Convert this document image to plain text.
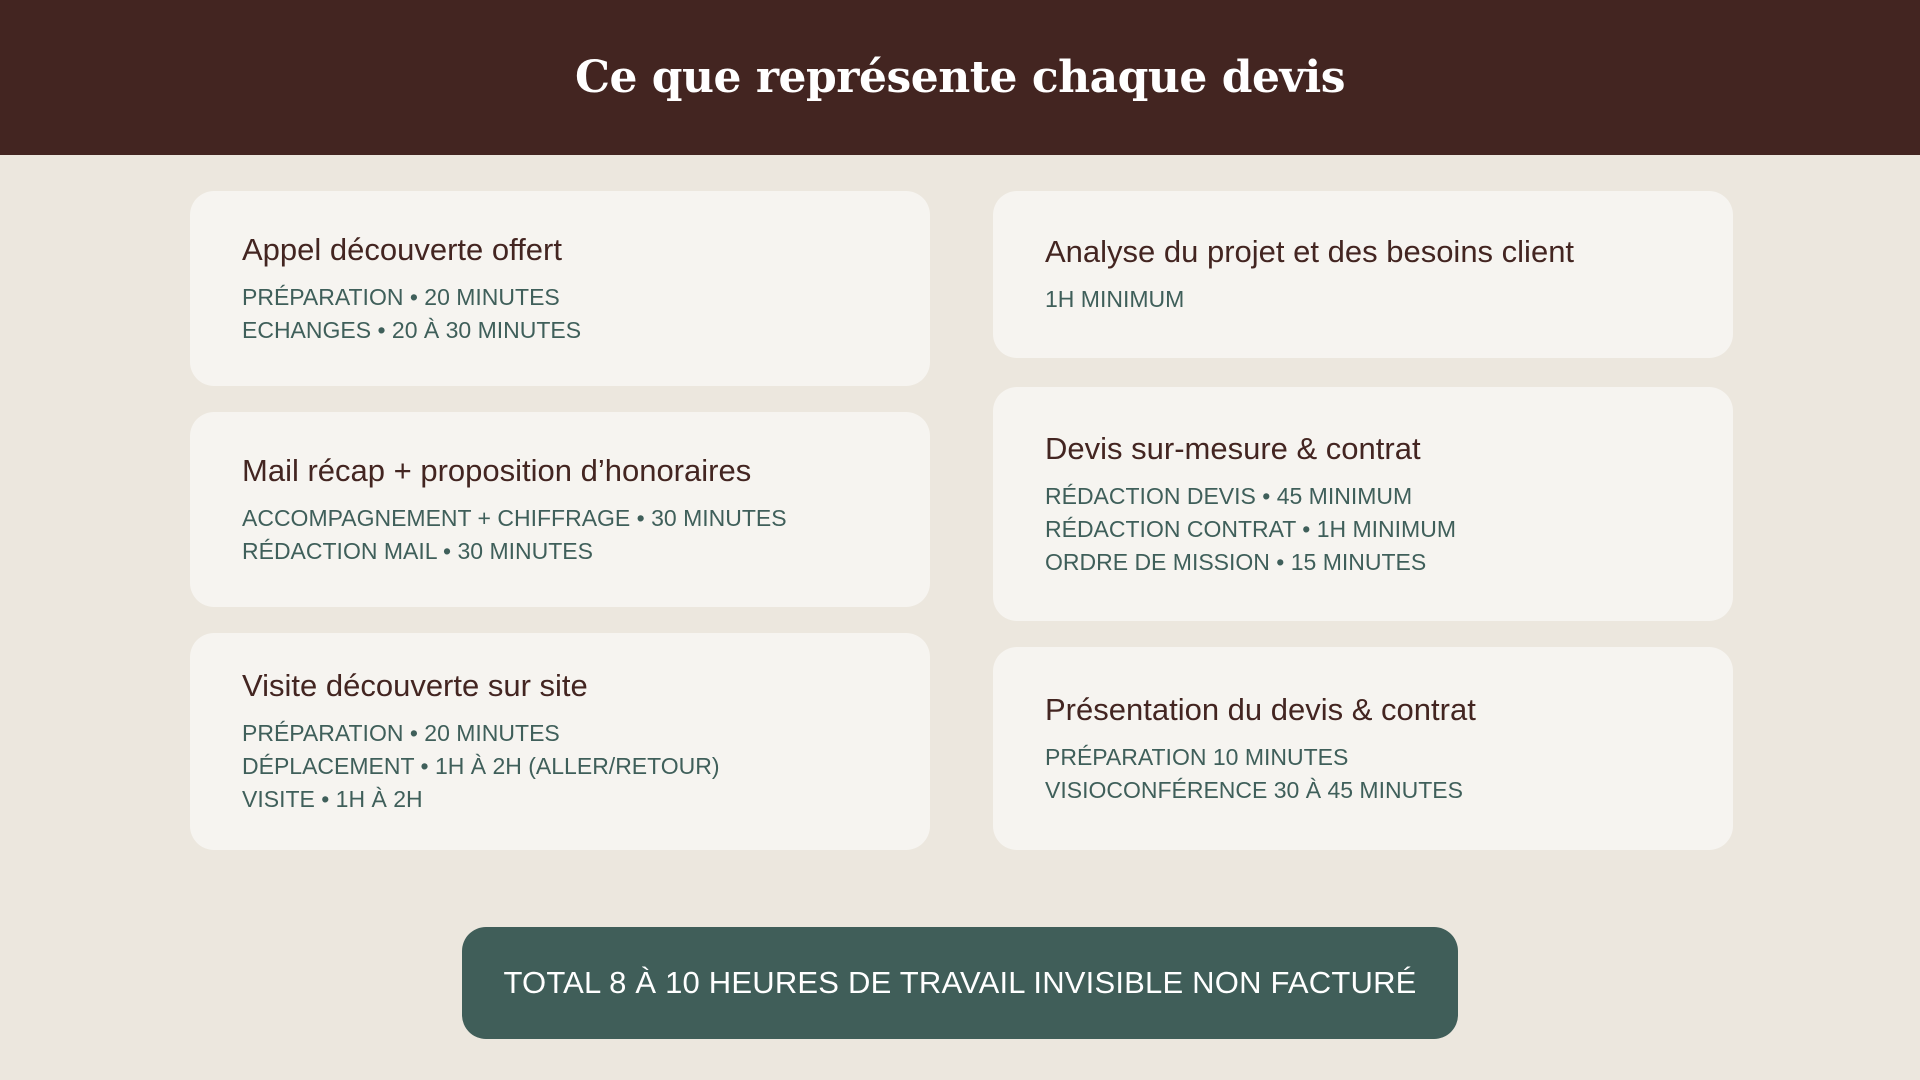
Ce que représente chaque devis
Appel découverte offert
PRÉPARATION • 20 MINUTES
ECHANGES • 20 À 30 MINUTES
Mail récap + proposition d’honoraires
ACCOMPAGNEMENT + CHIFFRAGE • 30 MINUTES
RÉDACTION MAIL • 30 MINUTES
Visite découverte sur site
PRÉPARATION • 20 MINUTES
DÉPLACEMENT • 1H À 2H (ALLER/RETOUR)
VISITE • 1H À 2H
Analyse du projet et des besoins client
1H MINIMUM
Devis sur-mesure & contrat
RÉDACTION DEVIS • 45 MINIMUM
RÉDACTION CONTRAT • 1H MINIMUM
ORDRE DE MISSION • 15 MINUTES
Présentation du devis & contrat
PRÉPARATION 10 MINUTES
VISIOCONFÉRENCE 30 À 45 MINUTES
TOTAL 8 À 10 HEURES DE TRAVAIL INVISIBLE NON FACTURÉ
